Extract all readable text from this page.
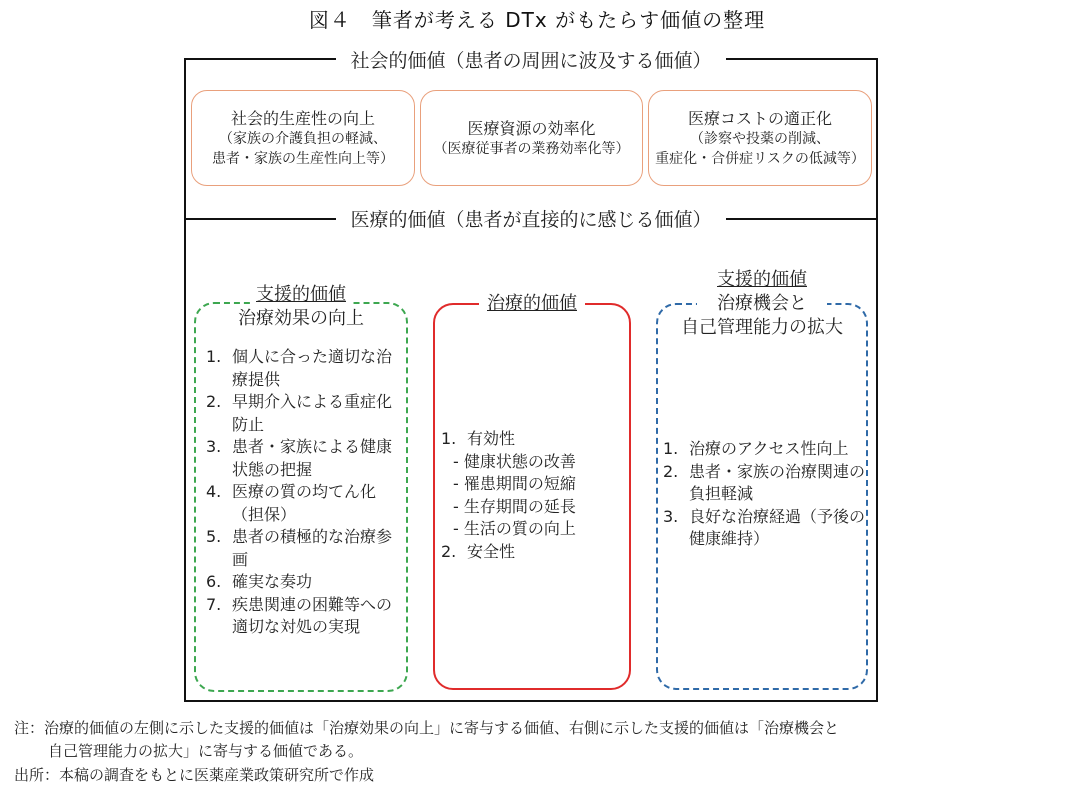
図４　筆者が考える DTx がもたらす価値の整理
社会的価値（患者の周囲に波及する価値）
社会的生産性の向上
（家族の介護負担の軽減、
患者・家族の生産性向上等）
医療資源の効率化
（医療従事者の業務効率化等）
医療コストの適正化
（診察や投薬の削減、
重症化・合併症リスクの低減等）
医療的価値（患者が直接的に感じる価値）
支援的価値 治療効果の向上
1. 個人に合った適切な治療提供
2. 早期介入による重症化防止
3. 患者・家族による健康状態の把握
4. 医療の質の均てん化（担保）
5. 患者の積極的な治療参画
6. 確実な奏功
7. 疾患関連の困難等への適切な対処の実現
治療的価値
1. 有効性
- 健康状態の改善
- 罹患期間の短縮
- 生存期間の延長
- 生活の質の向上
2. 安全性
支援的価値
治療機会と
自己管理能力の拡大
1. 治療のアクセス性向上
2. 患者・家族の治療関連の負担軽減
3. 良好な治療経過（予後の健康維持）
注：治療的価値の左側に示した支援的価値は「治療効果の向上」に寄与する価値、右側に示した支援的価値は「治療機会と
自己管理能力の拡大」に寄与する価値である。
出所：本稿の調査をもとに医薬産業政策研究所で作成
